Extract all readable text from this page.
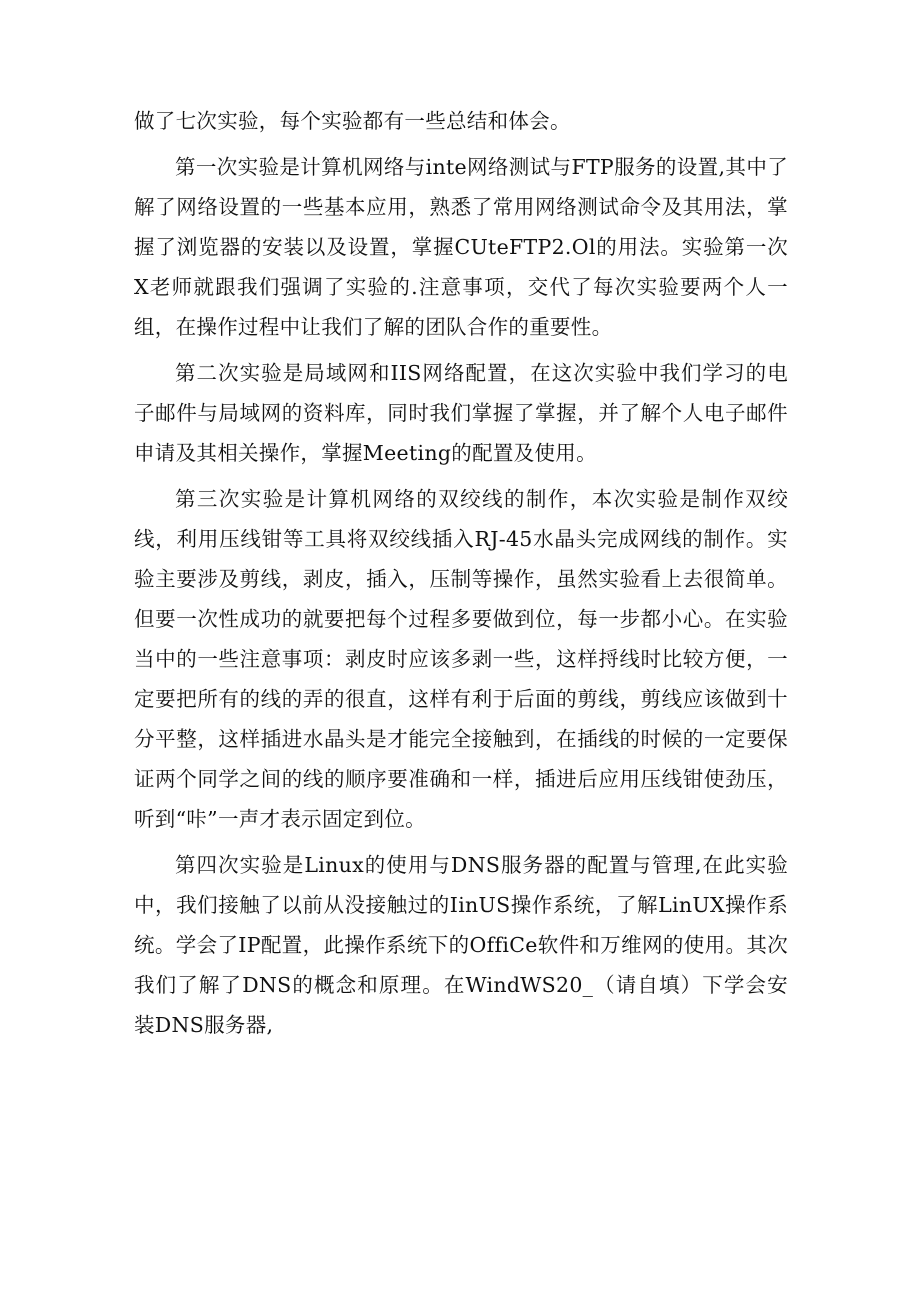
做了七次实验，每个实验都有一些总结和体会。

第一次实验是计算机网络与inte网络测试与FTP服务的设置,其中了解了网络设置的一些基本应用，熟悉了常用网络测试命令及其用法，掌握了浏览器的安装以及设置，掌握CUteFTP2.Ol的用法。实验第一次X老师就跟我们强调了实验的.注意事项，交代了每次实验要两个人一组，在操作过程中让我们了解的团队合作的重要性。

第二次实验是局域网和IIS网络配置，在这次实验中我们学习的电子邮件与局域网的资料库，同时我们掌握了掌握，并了解个人电子邮件申请及其相关操作，掌握Meeting的配置及使用。

第三次实验是计算机网络的双绞线的制作，本次实验是制作双绞线，利用压线钳等工具将双绞线插入RJ-45水晶头完成网线的制作。实验主要涉及剪线，剥皮，插入，压制等操作，虽然实验看上去很简单。但要一次性成功的就要把每个过程多要做到位，每一步都小心。在实验当中的一些注意事项：剥皮时应该多剥一些，这样捋线时比较方便，一定要把所有的线的弄的很直，这样有利于后面的剪线，剪线应该做到十分平整，这样插进水晶头是才能完全接触到，在插线的时候的一定要保证两个同学之间的线的顺序要准确和一样，插进后应用压线钳使劲压，听到“咔”一声才表示固定到位。

第四次实验是Linux的使用与DNS服务器的配置与管理,在此实验中，我们接触了以前从没接触过的IinUS操作系统，了解LinUX操作系统。学会了IP配置，此操作系统下的OffiCe软件和万维网的使用。其次我们了解了DNS的概念和原理。在WindWS20_（请自填）下学会安装DNS服务器,
